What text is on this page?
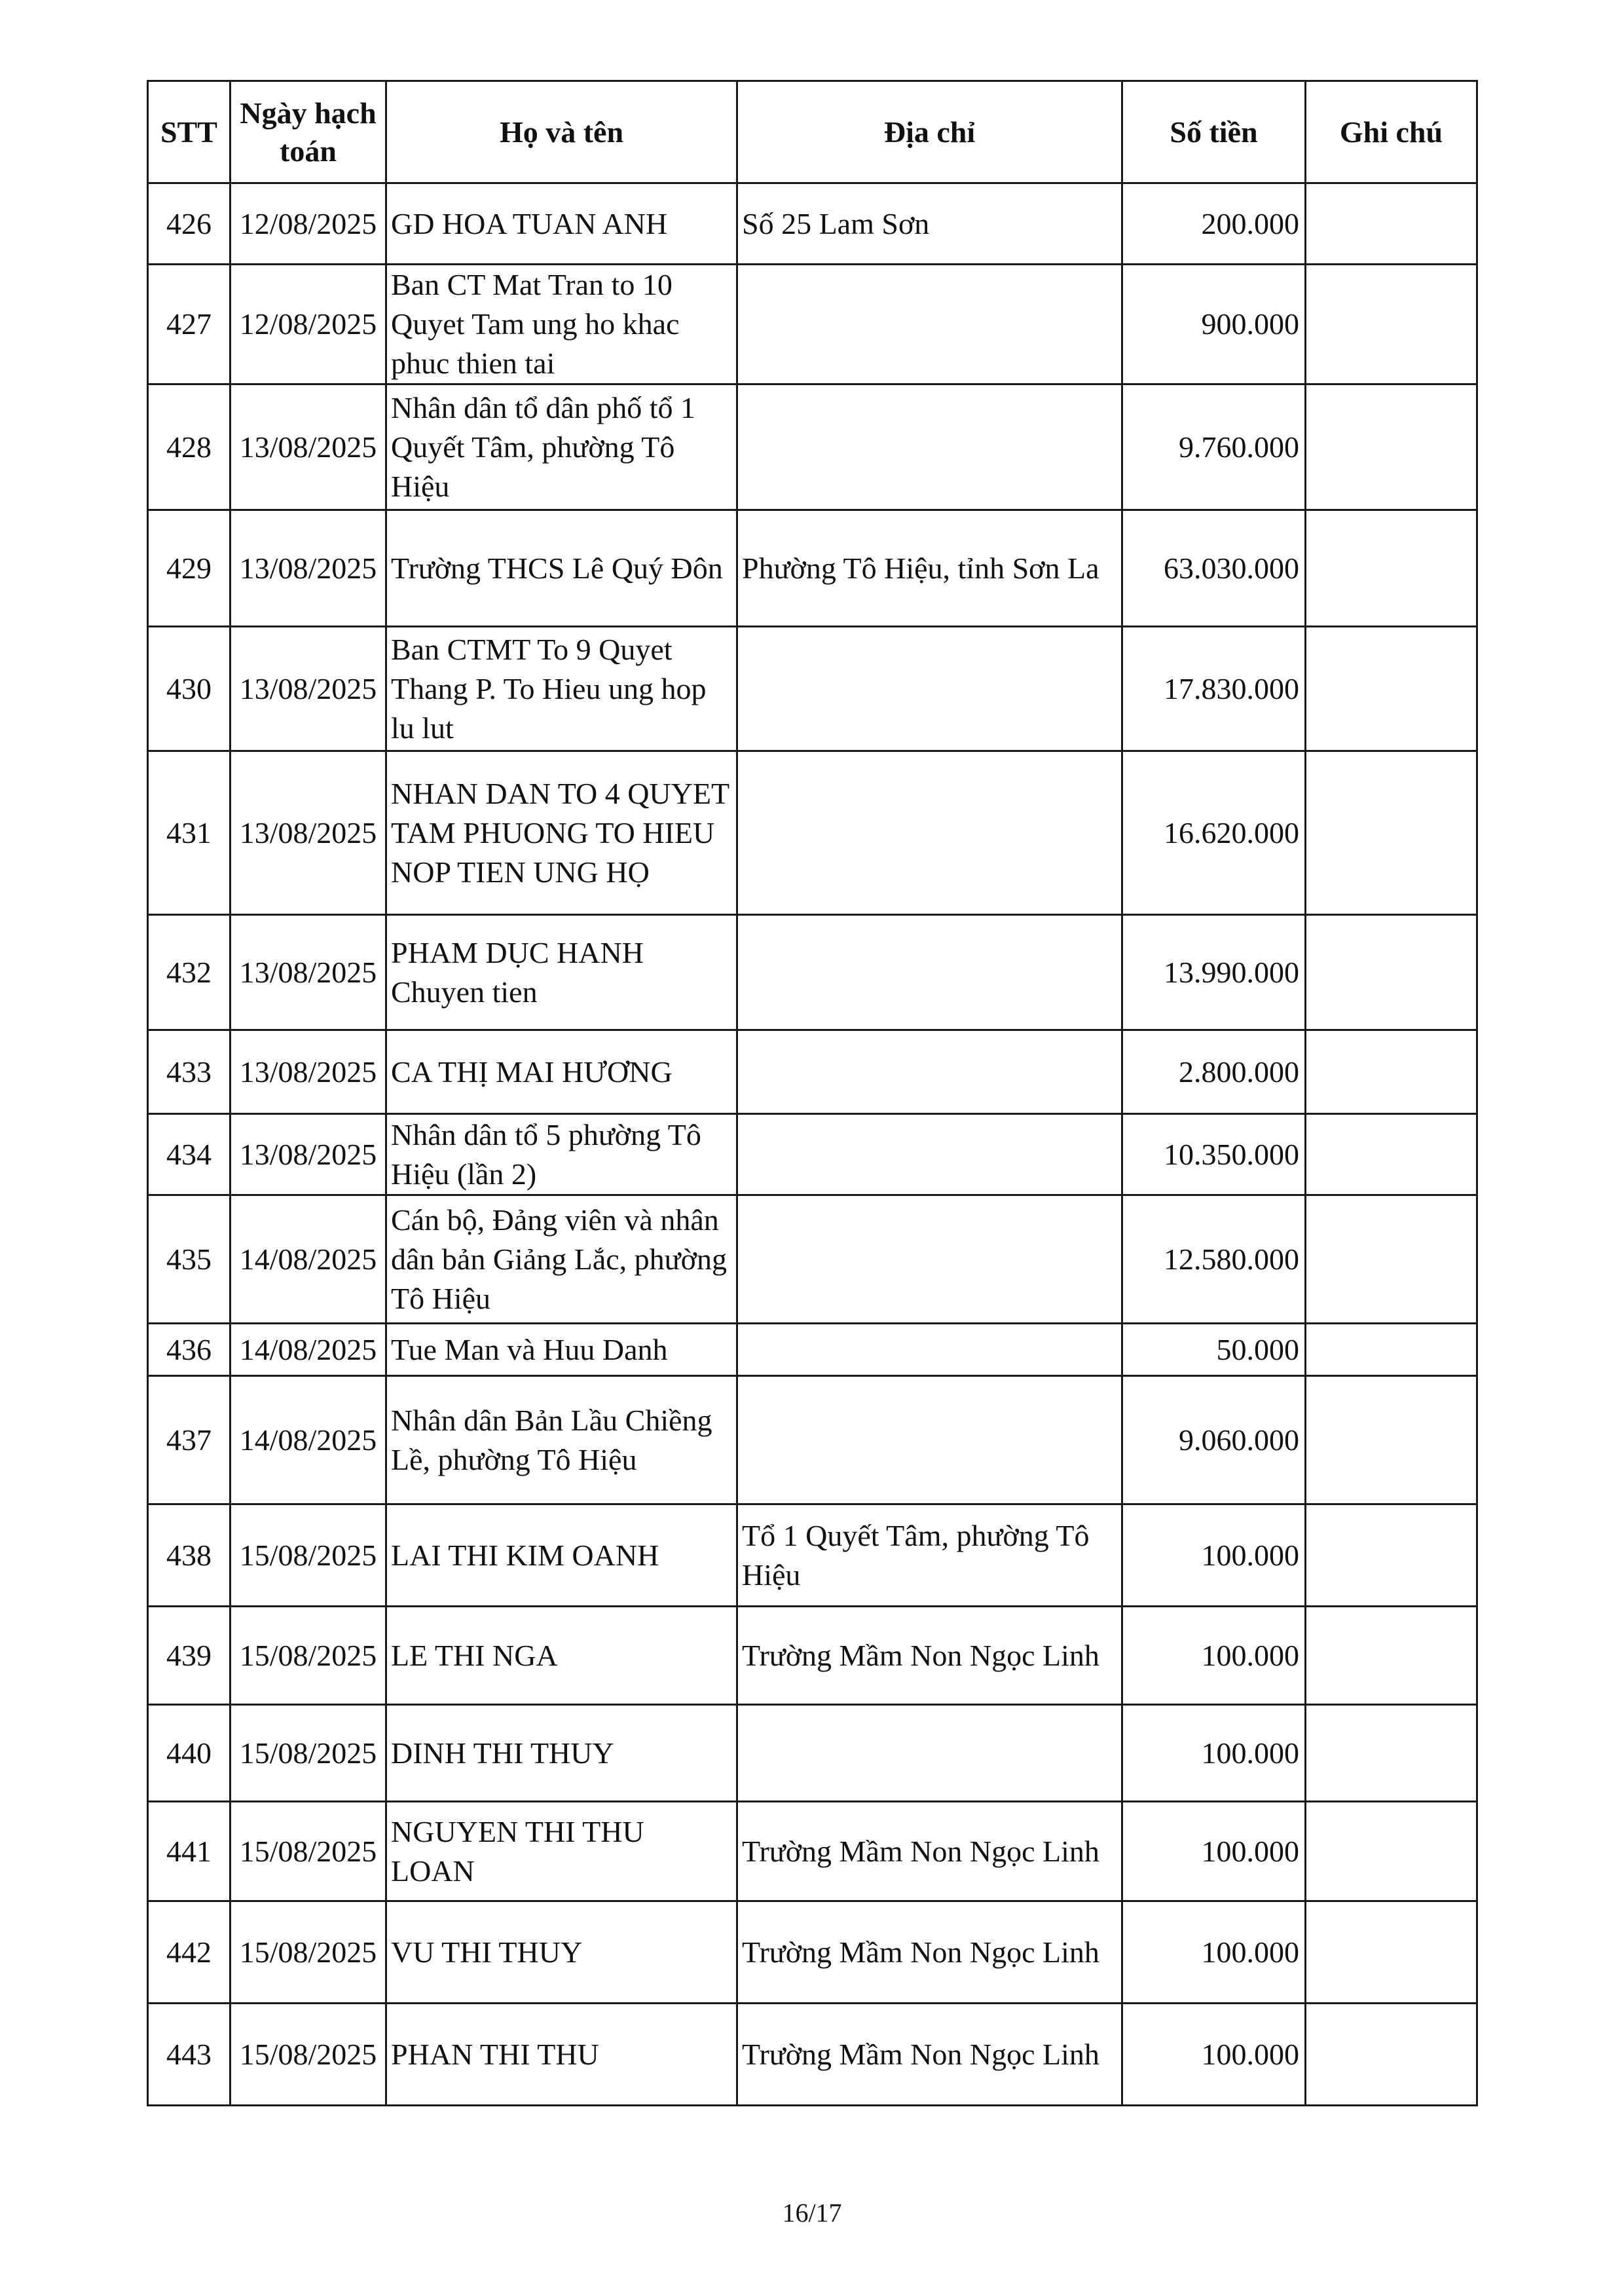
STT	Ngày hạch toán	Họ và tên	Địa chỉ	Số tiền	Ghi chú
426	12/08/2025	GD HOA TUAN ANH	Số 25 Lam Sơn	200.000	
427	12/08/2025	Ban CT Mat Tran to 10 Quyet Tam ung ho khac phuc thien tai		900.000	
428	13/08/2025	Nhân dân tổ dân phố tổ 1 Quyết Tâm, phường Tô Hiệu		9.760.000	
429	13/08/2025	Trường THCS Lê Quý Đôn	Phường Tô Hiệu, tỉnh Sơn La	63.030.000	
430	13/08/2025	Ban CTMT To 9 Quyet Thang P. To Hieu ung hop lu lut		17.830.000	
431	13/08/2025	NHAN DAN TO 4 QUYET TAM PHUONG TO HIEU NOP TIEN UNG HỌ		16.620.000	
432	13/08/2025	PHAM DỤC HANH Chuyen tien		13.990.000	
433	13/08/2025	CA THỊ MAI HƯƠNG		2.800.000	
434	13/08/2025	Nhân dân tổ 5 phường Tô Hiệu (lần 2)		10.350.000	
435	14/08/2025	Cán bộ, Đảng viên và nhân dân bản Giảng Lắc, phường Tô Hiệu		12.580.000	
436	14/08/2025	Tue Man và Huu Danh		50.000	
437	14/08/2025	Nhân dân Bản Lầu Chiềng Lề, phường Tô Hiệu		9.060.000	
438	15/08/2025	LAI THI KIM OANH	Tổ 1 Quyết Tâm, phường Tô Hiệu	100.000	
439	15/08/2025	LE THI NGA	Trường Mầm Non Ngọc Linh	100.000	
440	15/08/2025	DINH THI THUY		100.000	
441	15/08/2025	NGUYEN THI THU LOAN	Trường Mầm Non Ngọc Linh	100.000	
442	15/08/2025	VU THI THUY	Trường Mầm Non Ngọc Linh	100.000	
443	15/08/2025	PHAN THI THU	Trường Mầm Non Ngọc Linh	100.000	
16/17
